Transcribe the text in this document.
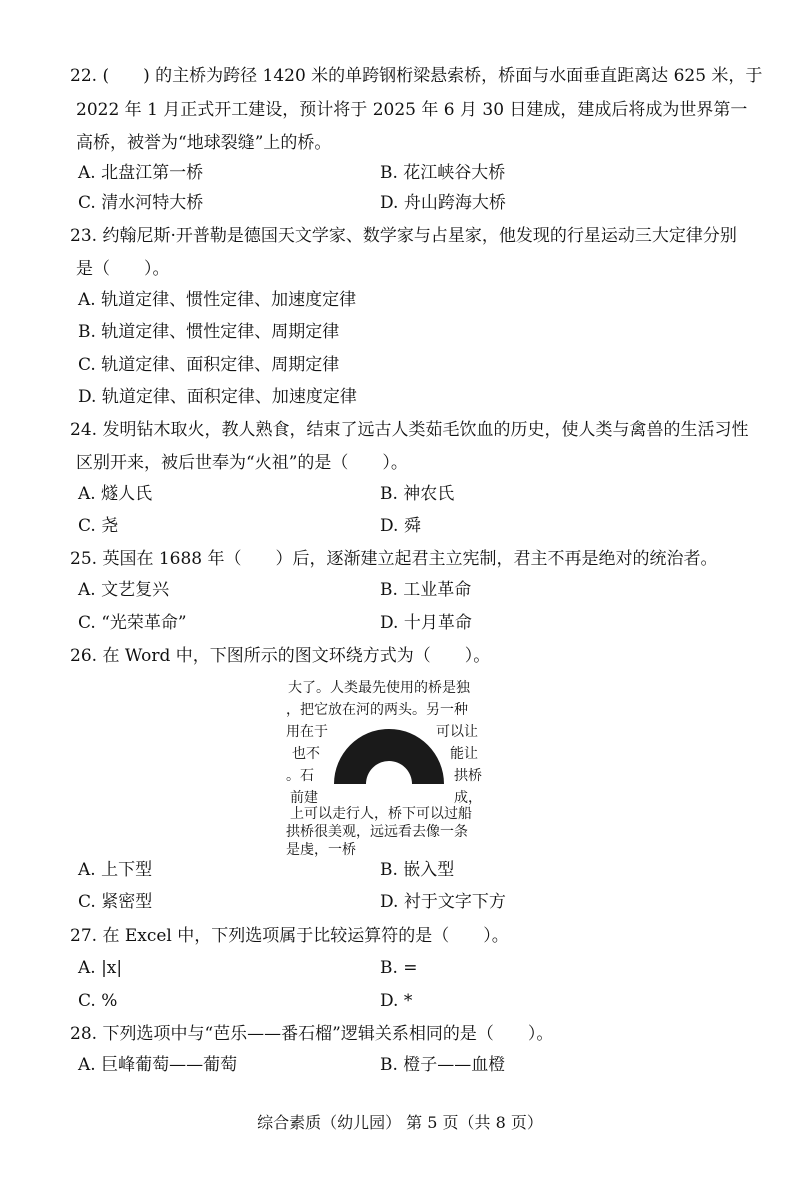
22. (　　) 的主桥为跨径 1420 米的单跨钢桁梁悬索桥，桥面与水面垂直距离达 625 米，于
2022 年 1 月正式开工建设，预计将于 2025 年 6 月 30 日建成，建成后将成为世界第一
高桥，被誉为“地球裂缝”上的桥。
A. 北盘江第一桥	B. 花江峡谷大桥
C. 清水河特大桥	D. 舟山跨海大桥
23. 约翰尼斯·开普勒是德国天文学家、数学家与占星家，他发现的行星运动三大定律分别
是（　　）。
A. 轨道定律、惯性定律、加速度定律
B. 轨道定律、惯性定律、周期定律
C. 轨道定律、面积定律、周期定律
D. 轨道定律、面积定律、加速度定律
24. 发明钻木取火，教人熟食，结束了远古人类茹毛饮血的历史，使人类与禽兽的生活习性
区别开来，被后世奉为“火祖”的是（　　）。
A. 燧人氏	B. 神农氏
C. 尧	D. 舜
25. 英国在 1688 年（　　）后，逐渐建立起君主立宪制，君主不再是绝对的统治者。
A. 文艺复兴	B. 工业革命
C. “光荣革命”	D. 十月革命
26. 在 Word 中，下图所示的图文环绕方式为（　　）。
大了。人类最先使用的桥是独
，把它放在河的两头。另一种
用在于	可以让
也不	能让
。石	拱桥
前建	成，
上可以走行人，桥下可以过船
拱桥很美观，远远看去像一条
是虔，一桥
A. 上下型	B. 嵌入型
C. 紧密型	D. 衬于文字下方
27. 在 Excel 中，下列选项属于比较运算符的是（　　）。
A. |x|	B. =
C. %	D. *
28. 下列选项中与“芭乐——番石榴”逻辑关系相同的是（　　）。
A. 巨峰葡萄——葡萄	B. 橙子——血橙
综合素质（幼儿园） 第 5 页（共 8 页）
